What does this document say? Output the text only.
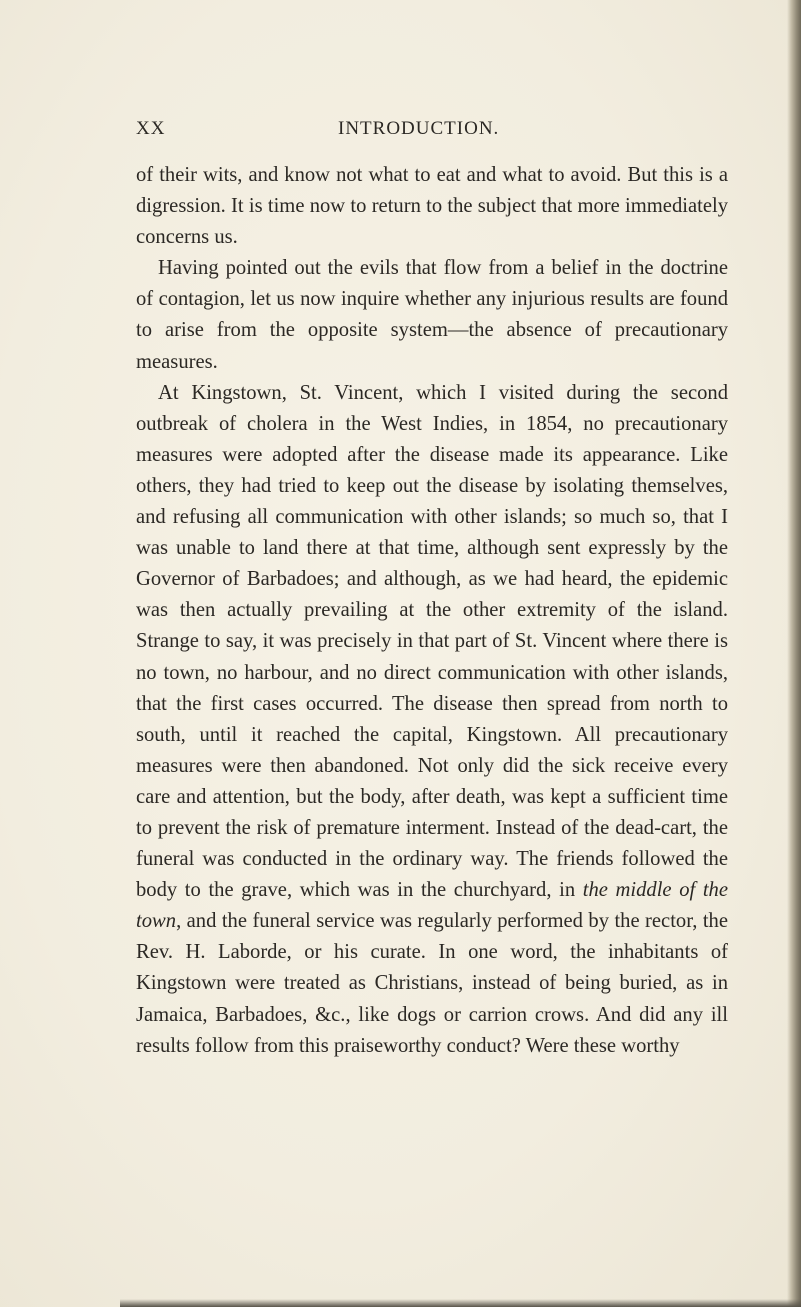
XX	INTRODUCTION.

of their wits, and know not what to eat and what to avoid. But this is a digression. It is time now to return to the subject that more immediately concerns us.

Having pointed out the evils that flow from a belief in the doctrine of contagion, let us now inquire whether any injurious results are found to arise from the opposite system—the absence of precautionary measures.

At Kingstown, St. Vincent, which I visited during the second outbreak of cholera in the West Indies, in 1854, no precautionary measures were adopted after the disease made its appearance. Like others, they had tried to keep out the disease by isolating themselves, and refusing all communication with other islands; so much so, that I was unable to land there at that time, although sent expressly by the Governor of Barbadoes; and although, as we had heard, the epidemic was then actually prevailing at the other extremity of the island. Strange to say, it was precisely in that part of St. Vincent where there is no town, no harbour, and no direct communication with other islands, that the first cases occurred. The disease then spread from north to south, until it reached the capital, Kingstown. All precautionary measures were then abandoned. Not only did the sick receive every care and attention, but the body, after death, was kept a sufficient time to prevent the risk of premature interment. Instead of the dead-cart, the funeral was conducted in the ordinary way. The friends followed the body to the grave, which was in the churchyard, in the middle of the town, and the funeral service was regularly performed by the rector, the Rev. H. Laborde, or his curate. In one word, the inhabitants of Kingstown were treated as Christians, instead of being buried, as in Jamaica, Barbadoes, &c., like dogs or carrion crows. And did any ill results follow from this praiseworthy conduct? Were these worthy
